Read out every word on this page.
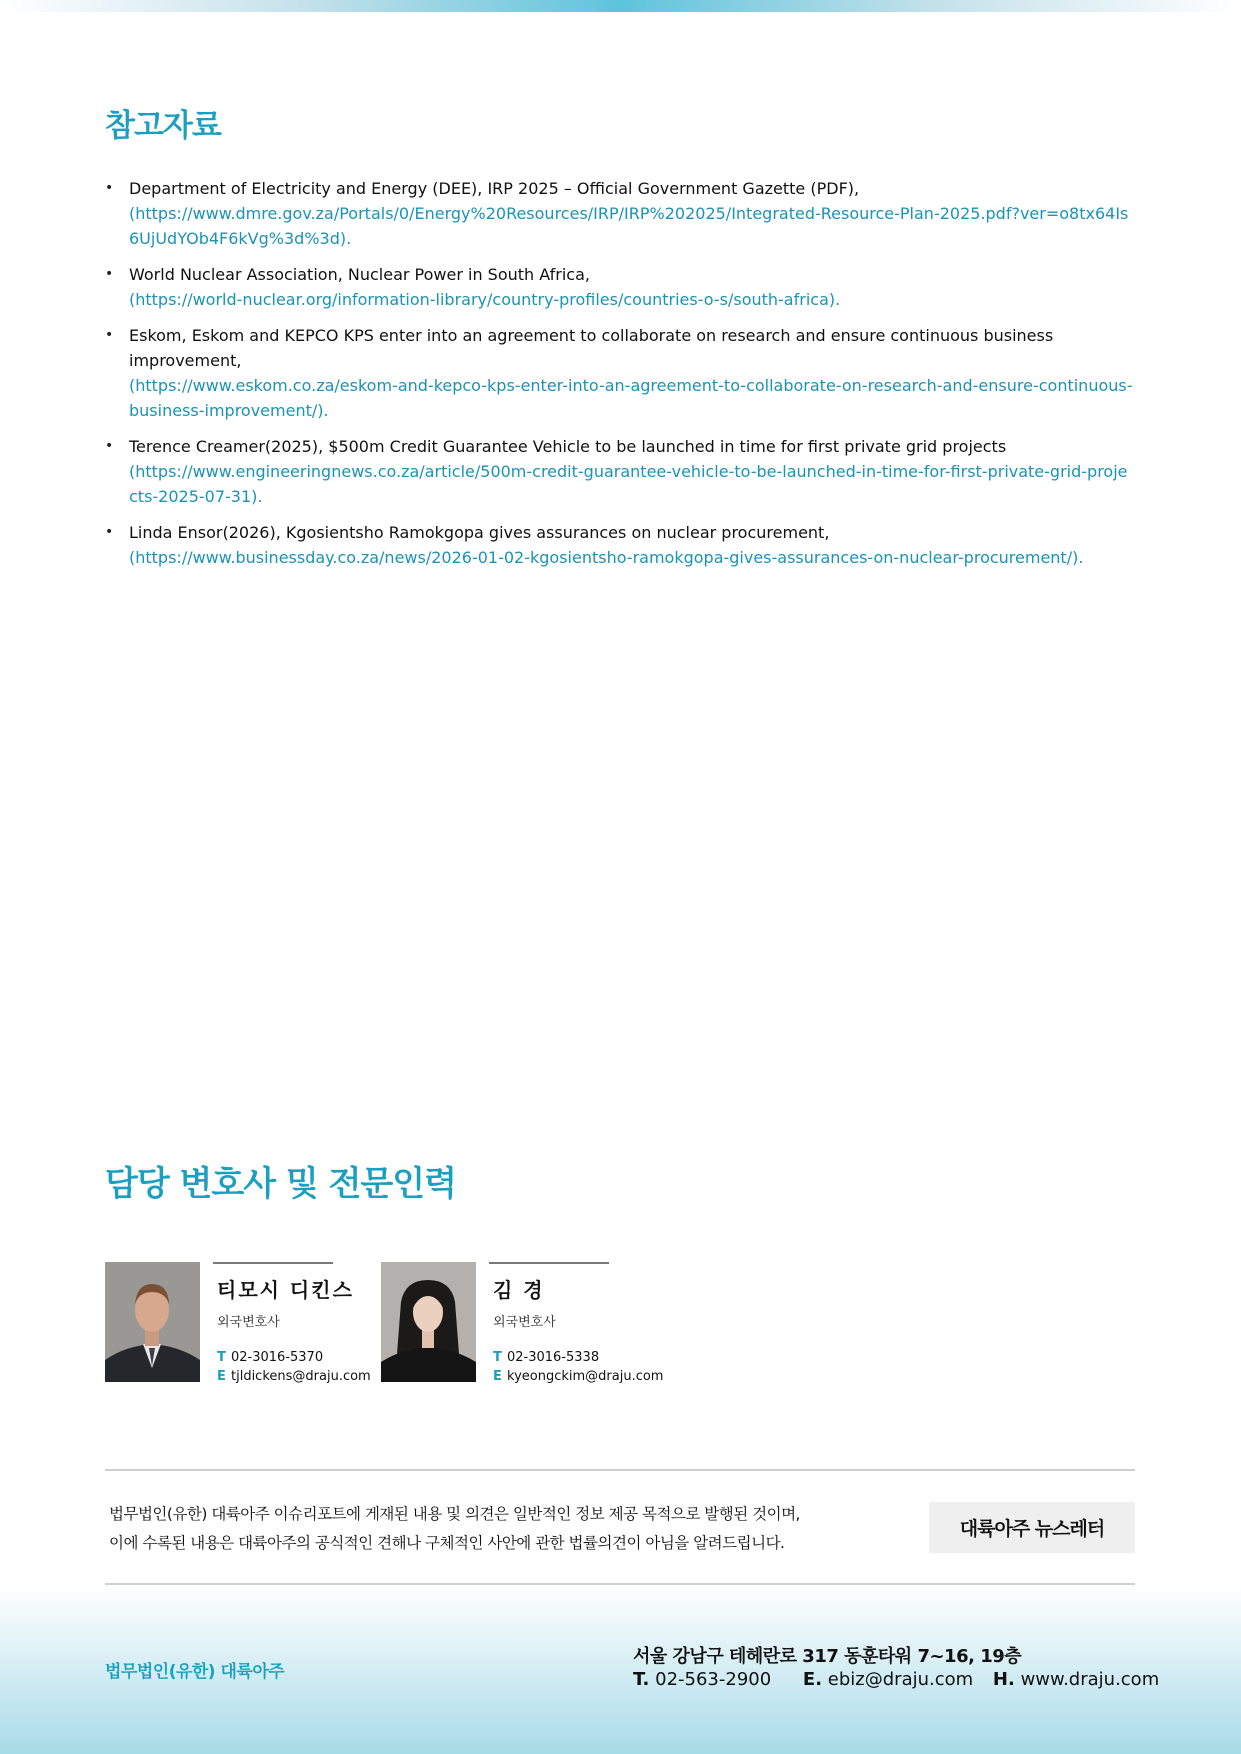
참고자료
• Department of Electricity and Energy (DEE), IRP 2025 – Official Government Gazette (PDF),
(https://www.dmre.gov.za/Portals/0/Energy%20Resources/IRP/IRP%202025/Integrated-Resource-Plan-2025.pdf?ver=o8tx64Is6UjUdYOb4F6kVg%3d%3d).
• World Nuclear Association, Nuclear Power in South Africa,
(https://world-nuclear.org/information-library/country-profiles/countries-o-s/south-africa).
• Eskom, Eskom and KEPCO KPS enter into an agreement to collaborate on research and ensure continuous business improvement,
(https://www.eskom.co.za/eskom-and-kepco-kps-enter-into-an-agreement-to-collaborate-on-research-and-ensure-continuous-business-improvement/).
• Terence Creamer(2025), $500m Credit Guarantee Vehicle to be launched in time for first private grid projects
(https://www.engineeringnews.co.za/article/500m-credit-guarantee-vehicle-to-be-launched-in-time-for-first-private-grid-projects-2025-07-31).
• Linda Ensor(2026), Kgosientsho Ramokgopa gives assurances on nuclear procurement,
(https://www.businessday.co.za/news/2026-01-02-kgosientsho-ramokgopa-gives-assurances-on-nuclear-procurement/).
담당 변호사 및 전문인력
티모시 디킨스
외국변호사
T 02-3016-5370
E tjldickens@draju.com
김 경
외국변호사
T 02-3016-5338
E kyeongckim@draju.com
법무법인(유한) 대륙아주 이슈리포트에 게재된 내용 및 의견은 일반적인 정보 제공 목적으로 발행된 것이며,
이에 수록된 내용은 대륙아주의 공식적인 견해나 구체적인 사안에 관한 법률의견이 아님을 알려드립니다.
대륙아주 뉴스레터
법무법인(유한) 대륙아주
서울 강남구 테헤란로 317 동훈타워 7~16, 19층
T. 02-563-2900 E. ebiz@draju.com H. www.draju.com
